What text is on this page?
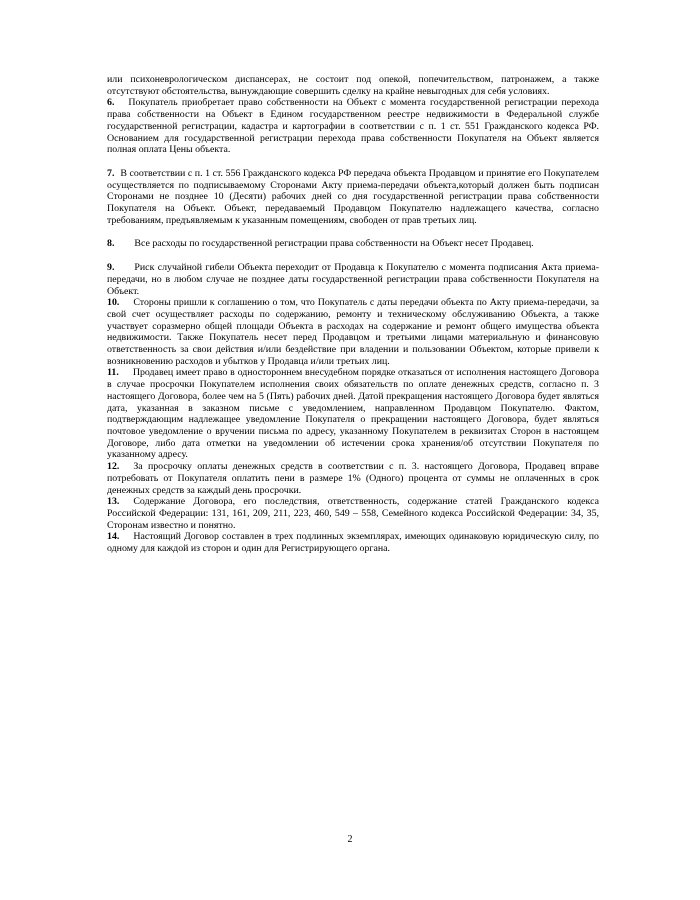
или психоневрологическом диспансерах, не состоит под опекой, попечительством, патронажем, а также отсутствуют обстоятельства, вынуждающие совершить сделку на крайне невыгодных для себя условиях.

6. Покупатель приобретает право собственности на Объект с момента государственной регистрации перехода права собственности на Объект в Едином государственном реестре недвижимости в Федеральной службе государственной регистрации, кадастра и картографии в соответствии с п. 1 ст. 551 Гражданского кодекса РФ. Основанием для государственной регистрации перехода права собственности Покупателя на Объект является полная оплата Цены объекта.

7. В соответствии с п. 1 ст. 556 Гражданского кодекса РФ передача объекта Продавцом и принятие его Покупателем осуществляется по подписываемому Сторонами Акту приема-передачи объекта,который должен быть подписан Сторонами не позднее 10 (Десяти) рабочих дней со дня государственной регистрации права собственности Покупателя на Объект. Объект, передаваемый Продавцом Покупателю надлежащего качества, согласно требованиям, предъявляемым к указанным помещениям, свободен от прав третьих лиц.

8. Все расходы по государственной регистрации права собственности на Объект несет Продавец.

9. Риск случайной гибели Объекта переходит от Продавца к Покупателю с момента подписания Акта приема-передачи, но в любом случае не позднее даты государственной регистрации права собственности Покупателя на Объект.

10. Стороны пришли к соглашению о том, что Покупатель с даты передачи объекта по Акту приема-передачи, за свой счет осуществляет расходы по содержанию, ремонту и техническому обслуживанию Объекта, а также участвует соразмерно общей площади Объекта в расходах на содержание и ремонт общего имущества объекта недвижимости. Также Покупатель несет перед Продавцом и третьими лицами материальную и финансовую ответственность за свои действия и/или бездействие при владении и пользовании Объектом, которые привели к возникновению расходов и убытков у Продавца и/или третьих лиц.

11. Продавец имеет право в одностороннем внесудебном порядке отказаться от исполнения настоящего Договора в случае просрочки Покупателем исполнения своих обязательств по оплате денежных средств, согласно п. 3 настоящего Договора, более чем на 5 (Пять) рабочих дней. Датой прекращения настоящего Договора будет являться дата, указанная в заказном письме с уведомлением, направленном Продавцом Покупателю. Фактом, подтверждающим надлежащее уведомление Покупателя о прекращении настоящего Договора, будет являться почтовое уведомление о вручении письма по адресу, указанному Покупателем в реквизитах Сторон в настоящем Договоре, либо дата отметки на уведомлении об истечении срока хранения/об отсутствии Покупателя по указанному адресу.

12. За просрочку оплаты денежных средств в соответствии с п. 3. настоящего Договора, Продавец вправе потребовать от Покупателя оплатить пени в размере 1% (Одного) процента от суммы не оплаченных в срок денежных средств за каждый день просрочки.

13. Содержание Договора, его последствия, ответственность, содержание статей Гражданского кодекса Российской Федерации: 131, 161, 209, 211, 223, 460, 549 – 558, Семейного кодекса Российской Федерации: 34, 35, Сторонам известно и понятно.

14. Настоящий Договор составлен в трех подлинных экземплярах, имеющих одинаковую юридическую силу, по одному для каждой из сторон и один для Регистрирующего органа.

2
